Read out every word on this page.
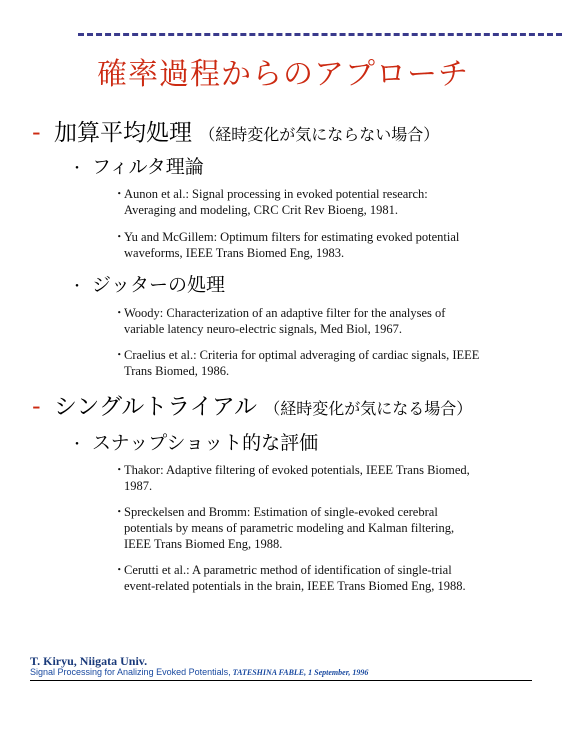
確率過程からのアプローチ
- 加算平均処理 （経時変化が気にならない場合）
・ フィルタ理論
・
Aunon et al.: Signal processing in evoked potential research:
Averaging and modeling, CRC Crit Rev Bioeng, 1981.
・
Yu and McGillem: Optimum filters for estimating evoked potential
waveforms, IEEE Trans Biomed Eng, 1983.
・ ジッターの処理
・
Woody: Characterization of an adaptive filter for the analyses of
variable latency neuro-electric signals, Med Biol, 1967.
・
Craelius et al.: Criteria for optimal adveraging of cardiac signals, IEEE
Trans Biomed, 1986.
- シングルトライアル （経時変化が気になる場合）
・ スナップショット的な評価
・
Thakor: Adaptive filtering of evoked potentials, IEEE Trans Biomed,
1987.
・
Spreckelsen and Bromm: Estimation of single-evoked cerebral
potentials by means of parametric modeling and Kalman filtering,
IEEE Trans Biomed Eng, 1988.
・
Cerutti et al.: A parametric method of identification of single-trial
event-related potentials in the brain, IEEE Trans Biomed Eng, 1988.
T. Kiryu, Niigata Univ.
Signal Processing for Analizing Evoked Potentials, TATESHINA FABLE, 1 September, 1996
